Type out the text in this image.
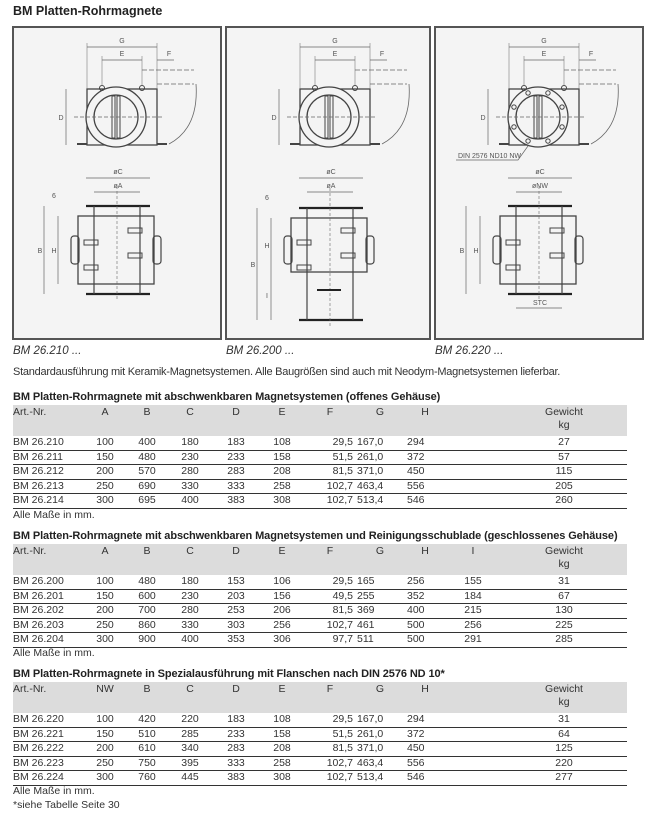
BM Platten-Rohrmagnete
G
E	F
D
øC
øA
B H
6
G
E	F
D
øC
øA
B
H
6
I
G
E	F
D
DIN 2576 ND10 NW
øC
øNW
B H
STC
BM 26.210 ...	BM 26.200 ...	BM 26.220 ...
Standardausführung mit Keramik-Magnetsystemen. Alle Baugrößen sind auch mit Neodym-Magnetsystemen lieferbar.
BM Platten-Rohrmagnete mit abschwenkbaren Magnetsystemen (offenes Gehäuse)
Art.-Nr.	A	B	C	D	E	F	G	H		Gewicht
kg

BM 26.210	100	400	180	183	108	29,5	167,0	294		27
BM 26.211	150	480	230	233	158	51,5	261,0	372		57
BM 26.212	200	570	280	283	208	81,5	371,0	450		115
BM 26.213	250	690	330	333	258	102,7	463,4	556		205
BM 26.214	300	695	400	383	308	102,7	513,4	546		260
Alle Maße in mm.
BM Platten-Rohrmagnete mit abschwenkbaren Magnetsystemen und Reinigungsschublade (geschlossenes Gehäuse)
Art.-Nr.	A	B	C	D	E	F	G	H	I	Gewicht
kg

BM 26.200	100	480	180	153	106	29,5	165	256	155	31
BM 26.201	150	600	230	203	156	49,5	255	352	184	67
BM 26.202	200	700	280	253	206	81,5	369	400	215	130
BM 26.203	250	860	330	303	256	102,7	461	500	256	225
BM 26.204	300	900	400	353	306	97,7	511	500	291	285
Alle Maße in mm.
BM Platten-Rohrmagnete in Spezialausführung mit Flanschen nach DIN 2576 ND 10*
Art.-Nr.	NW	B	C	D	E	F	G	H		Gewicht
kg

BM 26.220	100	420	220	183	108	29,5	167,0	294		31
BM 26.221	150	510	285	233	158	51,5	261,0	372		64
BM 26.222	200	610	340	283	208	81,5	371,0	450		125
BM 26.223	250	750	395	333	258	102,7	463,4	556		220
BM 26.224	300	760	445	383	308	102,7	513,4	546		277
Alle Maße in mm.
*siehe Tabelle Seite 30
